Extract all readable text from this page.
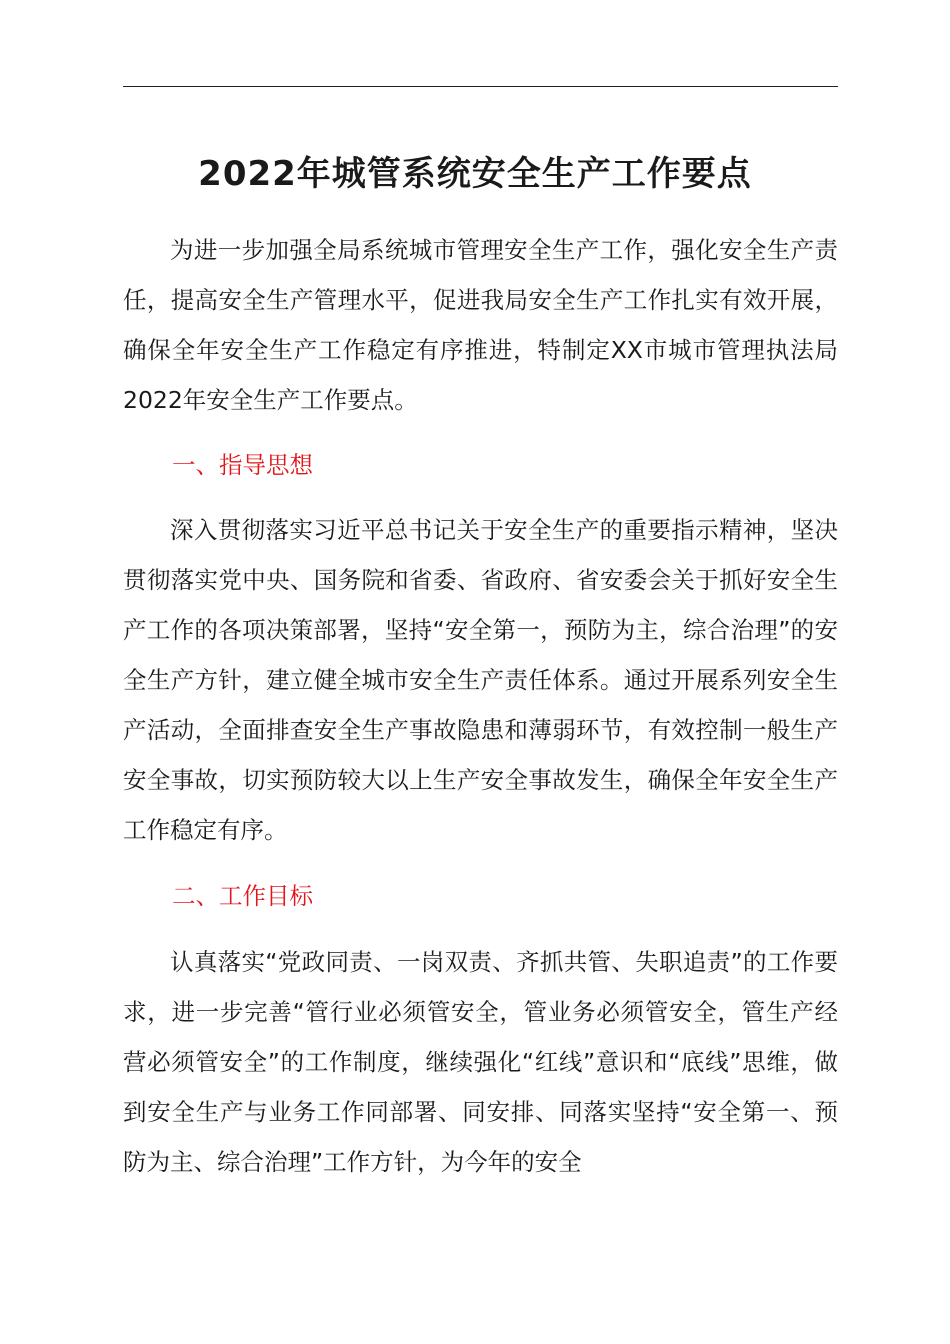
2022年城管系统安全生产工作要点

为进一步加强全局系统城市管理安全生产工作，强化安全生产责任，提高安全生产管理水平，促进我局安全生产工作扎实有效开展，确保全年安全生产工作稳定有序推进，特制定XX市城市管理执法局2022年安全生产工作要点。

一、指导思想

深入贯彻落实习近平总书记关于安全生产的重要指示精神，坚决贯彻落实党中央、国务院和省委、省政府、省安委会关于抓好安全生产工作的各项决策部署，坚持“安全第一，预防为主，综合治理”的安全生产方针，建立健全城市安全生产责任体系。通过开展系列安全生产活动，全面排查安全生产事故隐患和薄弱环节，有效控制一般生产安全事故，切实预防较大以上生产安全事故发生，确保全年安全生产工作稳定有序。

二、工作目标

认真落实“党政同责、一岗双责、齐抓共管、失职追责”的工作要求，进一步完善“管行业必须管安全，管业务必须管安全，管生产经营必须管安全”的工作制度，继续强化“红线”意识和“底线”思维，做到安全生产与业务工作同部署、同安排、同落实坚持“安全第一、预防为主、综合治理”工作方针，为今年的安全
